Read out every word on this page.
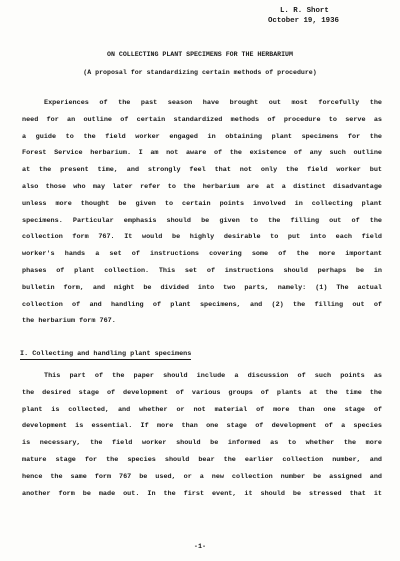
L. R. Short
October 19, 1936
ON COLLECTING PLANT SPECIMENS FOR THE HERBARIUM
(A proposal for standardizing certain methods of procedure)
Experiences of the past season have brought out most forcefully the
need for an outline of certain standardized methods of procedure to serve as
a guide to the field worker engaged in obtaining plant specimens for the
Forest Service herbarium. I am not aware of the existence of any such outline
at the present time, and strongly feel that not only the field worker but
also those who may later refer to the herbarium are at a distinct disadvantage
unless more thought be given to certain points involved in collecting plant
specimens. Particular emphasis should be given to the filling out of the
collection form 767. It would be highly desirable to put into each field
worker's hands a set of instructions covering some of the more important
phases of plant collection. This set of instructions should perhaps be in
bulletin form, and might be divided into two parts, namely: (1) The actual
collection of and handling of plant specimens, and (2) the filling out of
the herbarium form 767.
I. Collecting and handling plant specimens
This part of the paper should include a discussion of such points as
the desired stage of development of various groups of plants at the time the
plant is collected, and whether or not material of more than one stage of
development is essential. If more than one stage of development of a species
is necessary, the field worker should be informed as to whether the more
mature stage for the species should bear the earlier collection number, and
hence the same form 767 be used, or a new collection number be assigned and
another form be made out. In the first event, it should be stressed that it
-1-
